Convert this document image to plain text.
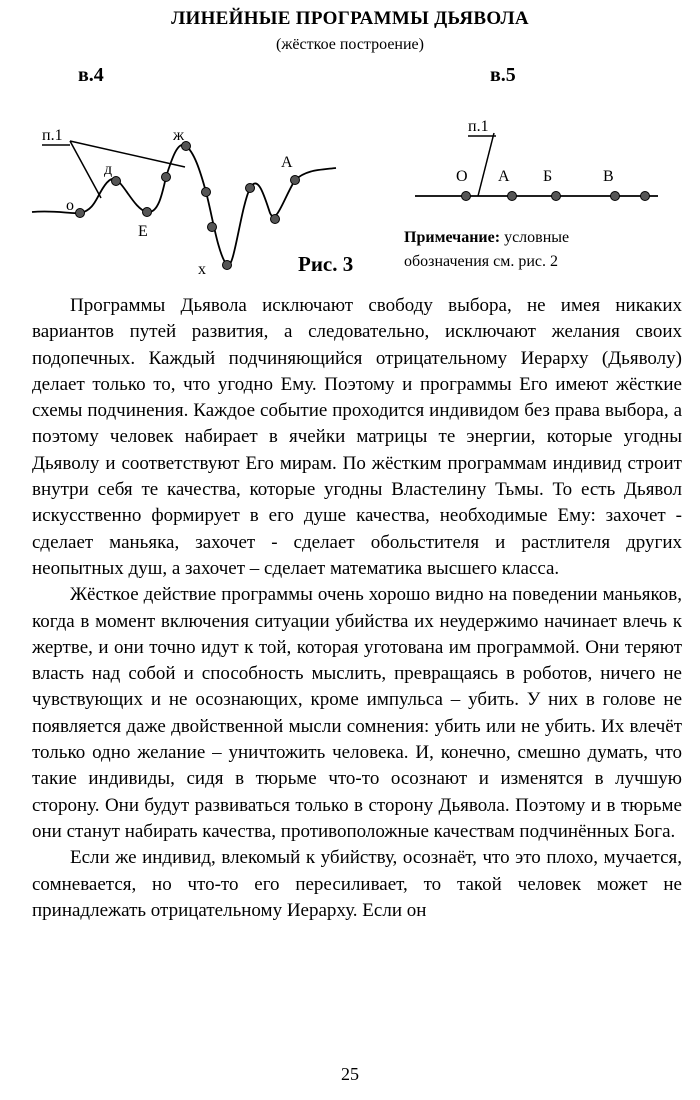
ЛИНЕЙНЫЕ ПРОГРАММЫ ДЬЯВОЛА
(жёсткое построение)
в.4	в.5
п.1
о
д
Е
ж
х
А
п.1
О А Б	В
Рис. 3
Примечание: условные обозначения см. рис. 2

Программы Дьявола исключают свободу выбора, не имея никаких вариантов путей развития, а следовательно, исключают желания своих подопечных. Каждый подчиняющийся отрицательному Иерарху (Дьяволу) делает только то, что угодно Ему. Поэтому и программы Его имеют жёсткие схемы подчинения. Каждое событие проходится индивидом без права выбора, а поэтому человек набирает в ячейки матрицы те энергии, которые угодны Дьяволу и соответствуют Его мирам. По жёстким программам индивид строит внутри себя те качества, которые угодны Властелину Тьмы. То есть Дьявол искусственно формирует в его душе качества, необходимые Ему: захочет - сделает маньяка, захочет - сделает обольстителя и растлителя других неопытных душ, а захочет – сделает математика высшего класса.

Жёсткое действие программы очень хорошо видно на поведении маньяков, когда в момент включения ситуации убийства их неудержимо начинает влечь к жертве, и они точно идут к той, которая уготована им программой. Они теряют власть над собой и способность мыслить, превращаясь в роботов, ничего не чувствующих и не осознающих, кроме импульса – убить. У них в голове не появляется даже двойственной мысли сомнения: убить или не убить. Их влечёт только одно желание – уничтожить человека. И, конечно, смешно думать, что такие индивиды, сидя в тюрьме что-то осознают и изменятся в лучшую сторону. Они будут развиваться только в сторону Дьявола. Поэтому и в тюрьме они станут набирать качества, противоположные качествам подчинённых Бога.

Если же индивид, влекомый к убийству, осознаёт, что это плохо, мучается, сомневается, но что-то его пересиливает, то такой человек может не принадлежать отрицательному Иерарху. Если он

25
